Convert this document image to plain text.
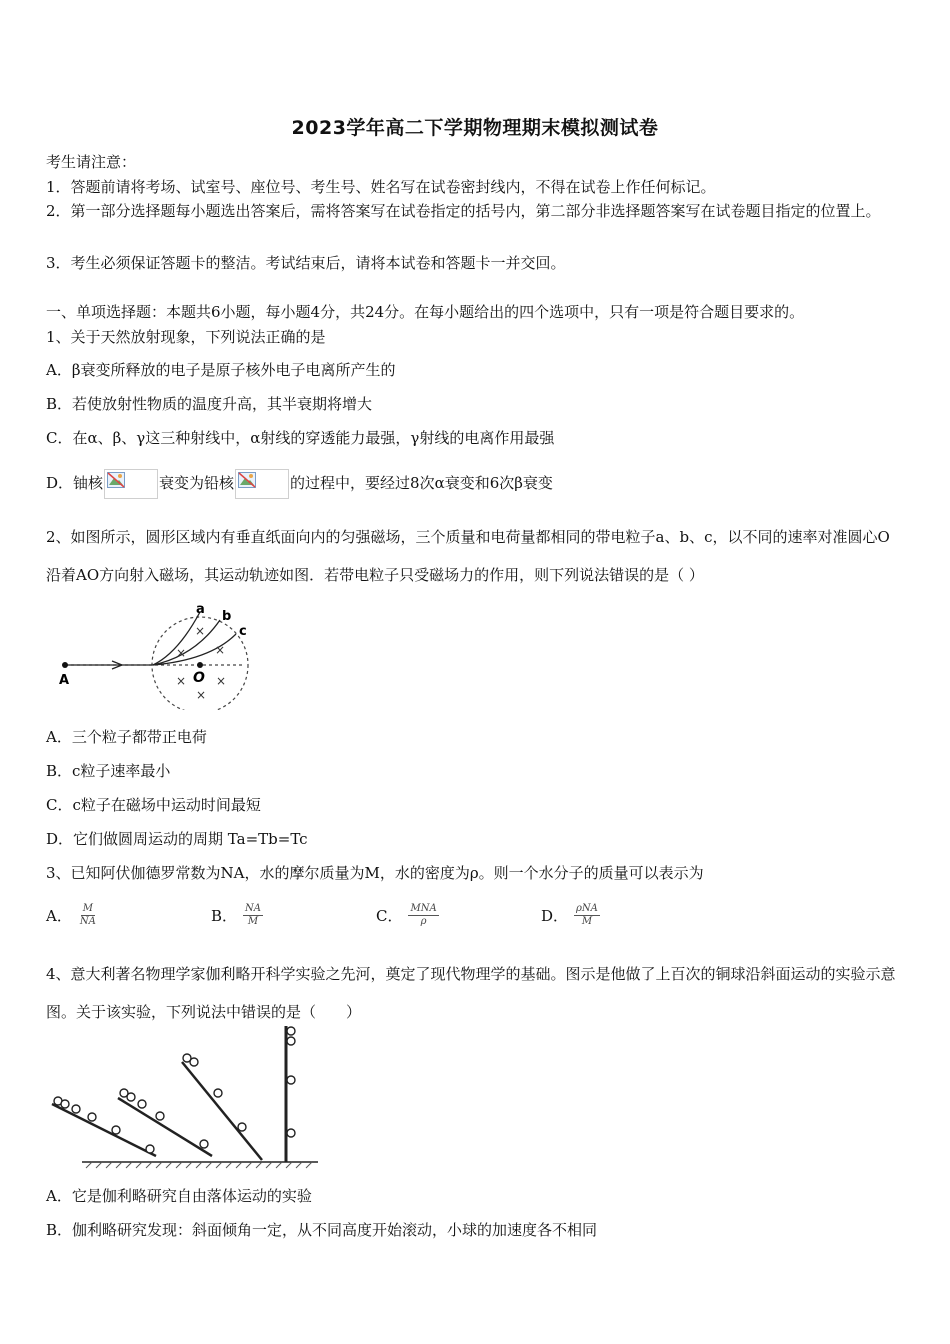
2023学年高二下学期物理期末模拟测试卷
考生请注意：
1．答题前请将考场、试室号、座位号、考生号、姓名写在试卷密封线内，不得在试卷上作任何标记。
2．第一部分选择题每小题选出答案后，需将答案写在试卷指定的括号内，第二部分非选择题答案写在试卷题目指定的位置上。
3．考生必须保证答题卡的整洁。考试结束后，请将本试卷和答题卡一并交回。
一、单项选择题：本题共6小题，每小题4分，共24分。在每小题给出的四个选项中，只有一项是符合题目要求的。
1、关于天然放射现象，下列说法正确的是
A．β衰变所释放的电子是原子核外电子电离所产生的
B．若使放射性物质的温度升高，其半衰期将增大
C．在α、β、γ这三种射线中，α射线的穿透能力最强，γ射线的电离作用最强
D．铀核	衰变为铅核	的过程中，要经过8次α衰变和6次β衰变
2、如图所示，圆形区域内有垂直纸面向内的匀强磁场，三个质量和电荷量都相同的带电粒子a、b、c，以不同的速率对准圆心O沿着AO方向射入磁场，其运动轨迹如图．若带电粒子只受磁场力的作用，则下列说法错误的是（ ）
a b
c
O
A
×
× ×
× ×
×
A．三个粒子都带正电荷
B．c粒子速率最小
C．c粒子在磁场中运动时间最短
D．它们做圆周运动的周期 Ta=Tb=Tc
3、已知阿伏伽德罗常数为NA，水的摩尔质量为M，水的密度为ρ。则一个水分子的质量可以表示为
A． $\frac{M}{NA}$	B． $\frac{NA}{M}$	C． $\frac{\text{MNA}}{\rho}$	D． $\frac{\text{ρNA}}{M}$
4、意大利著名物理学家伽利略开科学实验之先河，奠定了现代物理学的基础。图示是他做了上百次的铜球沿斜面运动的实验示意图。关于该实验，下列说法中错误的是（　　）
A．它是伽利略研究自由落体运动的实验
B．伽利略研究发现：斜面倾角一定，从不同高度开始滚动，小球的加速度各不相同
